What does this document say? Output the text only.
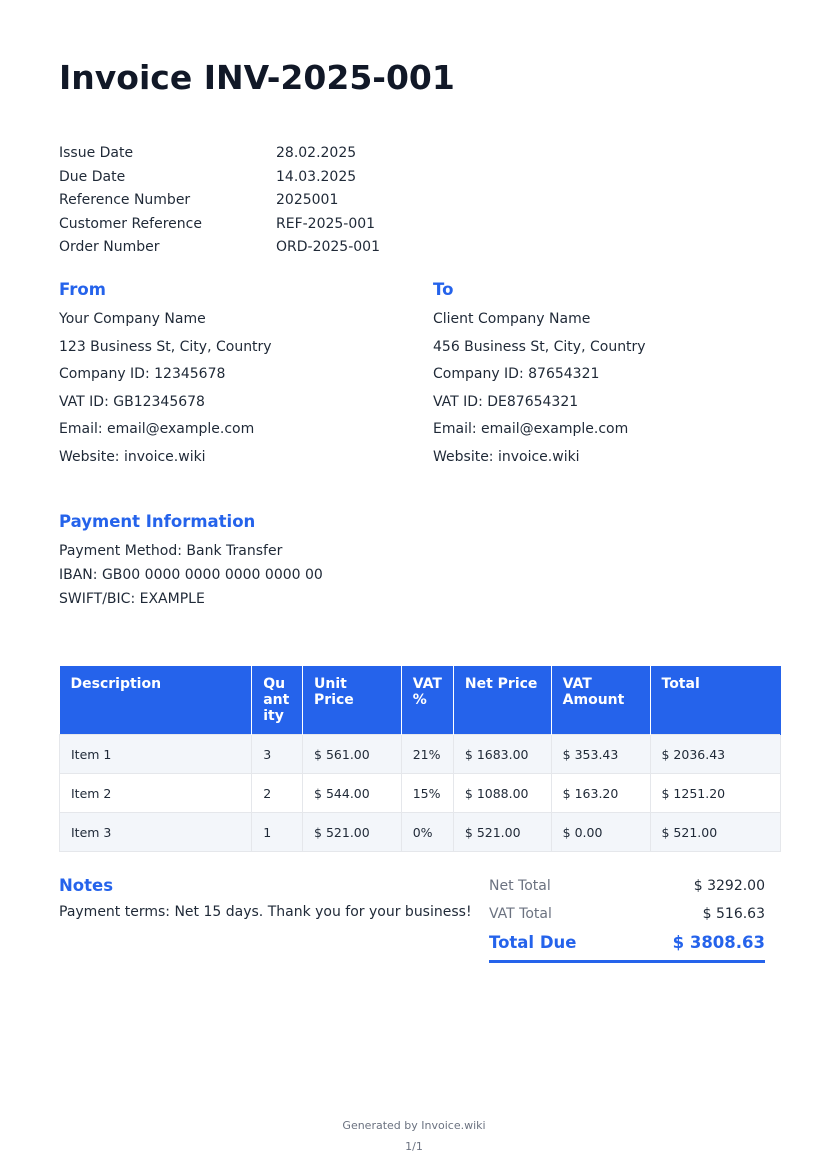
Invoice INV-2025-001
Issue Date	28.02.2025
Due Date	14.03.2025
Reference Number	2025001
Customer Reference	REF-2025-001
Order Number	ORD-2025-001
From
Your Company Name
123 Business St, City, Country
Company ID: 12345678
VAT ID: GB12345678
Email: email@example.com
Website: invoice.wiki
To
Client Company Name
456 Business St, City, Country
Company ID: 87654321
VAT ID: DE87654321
Email: email@example.com
Website: invoice.wiki
Payment Information
Payment Method: Bank Transfer
IBAN: GB00 0000 0000 0000 0000 00
SWIFT/BIC: EXAMPLE
Description	Quantity	Unit Price	VAT %	Net Price	VAT Amount	Total
Item 1	3	$ 561.00	21%	$ 1683.00	$ 353.43	$ 2036.43
Item 2	2	$ 544.00	15%	$ 1088.00	$ 163.20	$ 1251.20
Item 3	1	$ 521.00	0%	$ 521.00	$ 0.00	$ 521.00
Notes
Payment terms: Net 15 days. Thank you for your business!
Net Total	$ 3292.00
VAT Total	$ 516.63
Total Due	$ 3808.63
Generated by Invoice.wiki
1/1
